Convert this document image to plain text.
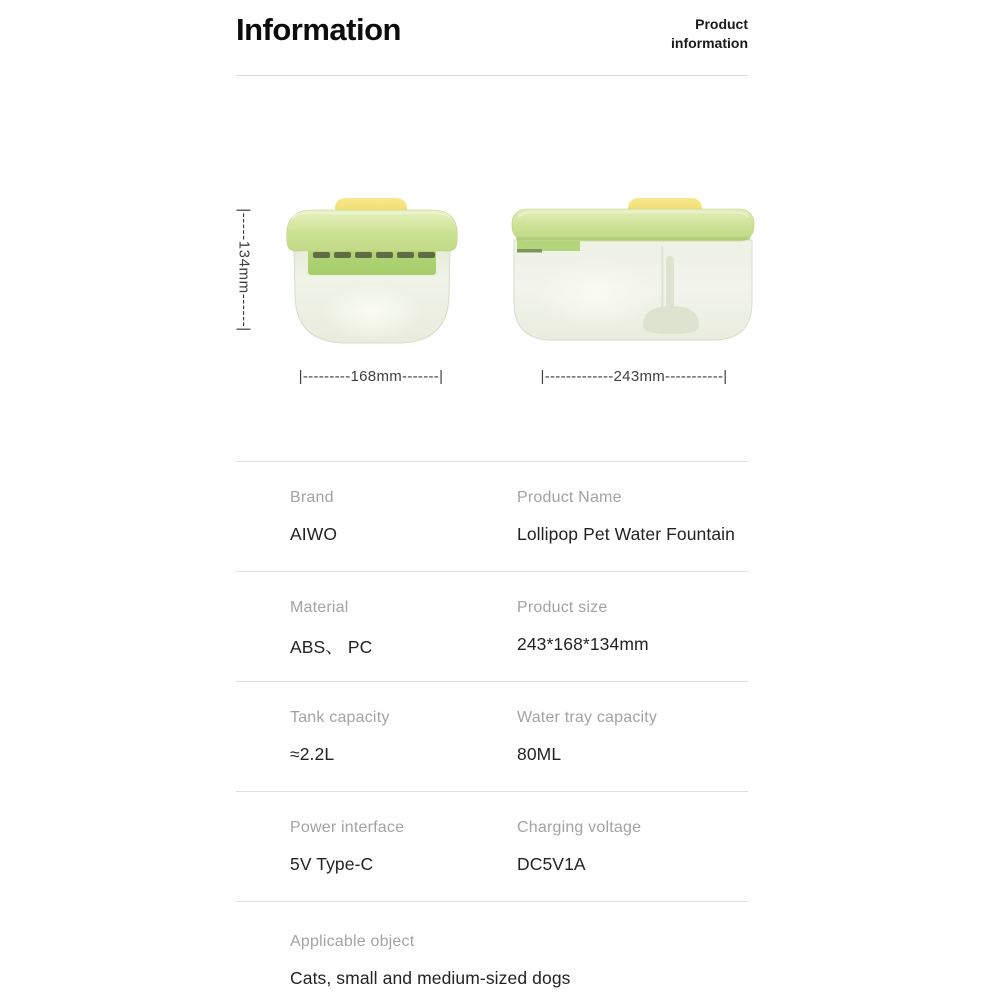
Information	Product
information
|-----134mm------|
|---------168mm-------|	|-------------243mm-----------|
Brand
AIWO
Product Name
Lollipop Pet Water Fountain
Material
ABS、 PC
Product size
243*168*134mm
Tank capacity
≈2.2L
Water tray capacity
80ML
Power interface
5V Type-C
Charging voltage
DC5V1A
Applicable object
Cats, small and medium-sized dogs
